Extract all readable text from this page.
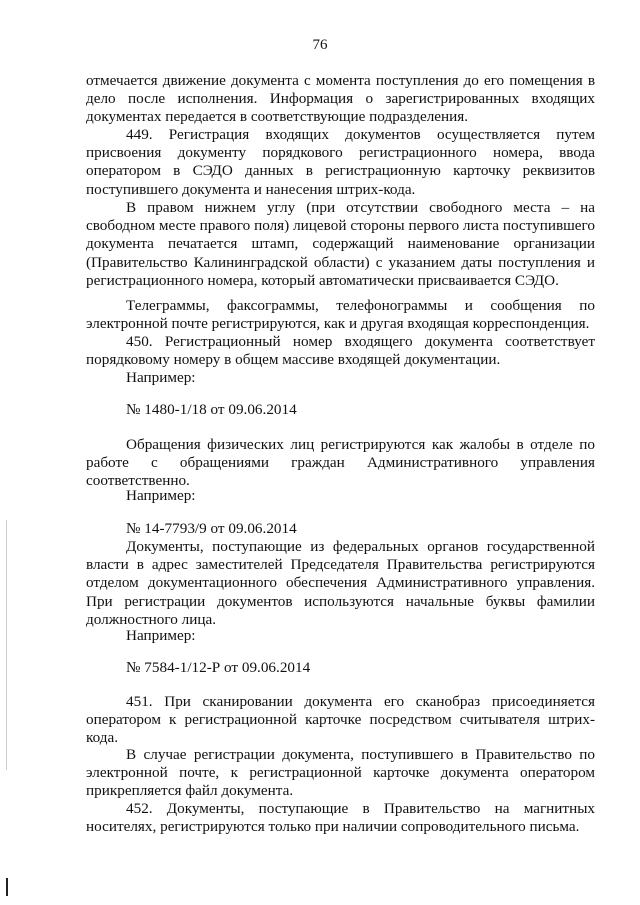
76
отмечается движение документа с момента поступления до его помещения в дело после исполнения. Информация о зарегистрированных входящих документах передается в соответствующие подразделения.
449. Регистрация входящих документов осуществляется путем присвоения документу порядкового регистрационного номера, ввода оператором в СЭДО данных в регистрационную карточку реквизитов поступившего документа и нанесения штрих-кода.
В правом нижнем углу (при отсутствии свободного места – на свободном месте правого поля) лицевой стороны первого листа поступившего документа печатается штамп, содержащий наименование организации (Правительство Калининградской области) с указанием даты поступления и регистрационного номера, который автоматически присваивается СЭДО.
Телеграммы, факсограммы, телефонограммы и сообщения по электронной почте регистрируются, как и другая входящая корреспонденция.
450. Регистрационный номер входящего документа соответствует порядковому номеру в общем массиве входящей документации.
Например:
№ 1480-1/18 от 09.06.2014
Обращения физических лиц регистрируются как жалобы в отделе по работе с обращениями граждан Административного управления соответственно.
Например:
№ 14-7793/9 от 09.06.2014
Документы, поступающие из федеральных органов государственной власти в адрес заместителей Председателя Правительства регистрируются отделом документационного обеспечения Административного управления. При регистрации документов используются начальные буквы фамилии должностного лица.
Например:
№ 7584-1/12-Р от 09.06.2014
451. При сканировании документа его сканобраз присоединяется оператором к регистрационной карточке посредством считывателя штрих-кода.
В случае регистрации документа, поступившего в Правительство по электронной почте, к регистрационной карточке документа оператором прикрепляется файл документа.
452. Документы, поступающие в Правительство на магнитных носителях, регистрируются только при наличии сопроводительного письма.
